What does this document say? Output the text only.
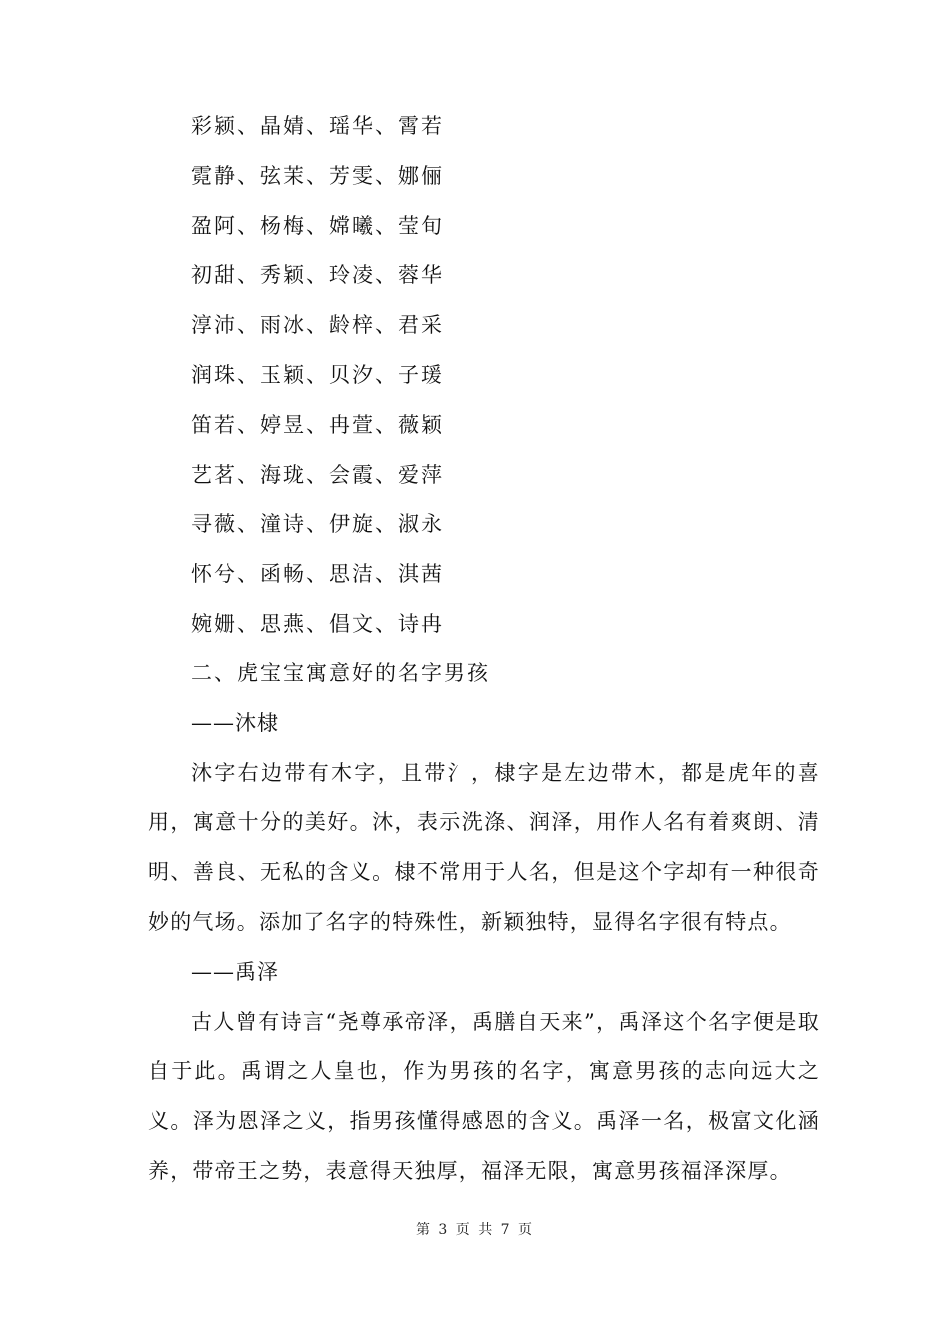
彩颍、晶婧、瑶华、霄若
霓静、弦茉、芳雯、娜俪
盈阿、杨梅、嫦曦、莹旬
初甜、秀颖、玲凌、蓉华
淳沛、雨冰、龄梓、君采
润珠、玉颖、贝汐、子瑗
笛若、婷昱、冉萱、薇颖
艺茗、海珑、会霞、爱萍
寻薇、潼诗、伊旋、淑永
怀兮、函畅、思洁、淇茜
婉姗、思燕、倡文、诗冉
二、虎宝宝寓意好的名字男孩
——沐棣

沐字右边带有木字，且带氵，棣字是左边带木，都是虎年的喜用，寓意十分的美好。沐，表示洗涤、润泽，用作人名有着爽朗、清明、善良、无私的含义。棣不常用于人名，但是这个字却有一种很奇妙的气场。添加了名字的特殊性，新颖独特，显得名字很有特点。

——禹泽

古人曾有诗言“尧尊承帝泽，禹膳自天来”，禹泽这个名字便是取自于此。禹谓之人皇也，作为男孩的名字，寓意男孩的志向远大之义。泽为恩泽之义，指男孩懂得感恩的含义。禹泽一名，极富文化涵养，带帝王之势，表意得天独厚，福泽无限，寓意男孩福泽深厚。

第 3 页 共 7 页
